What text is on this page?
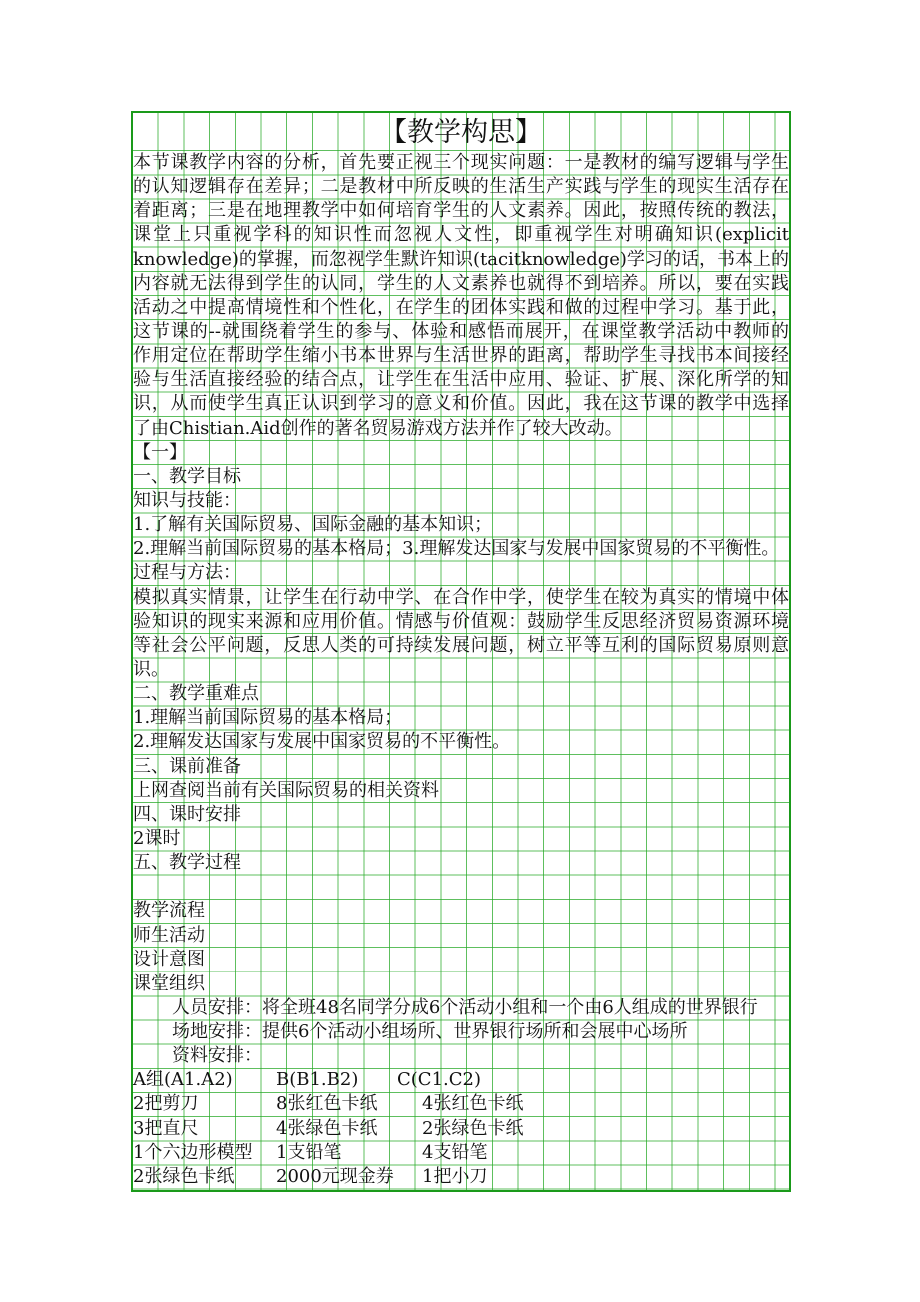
【教学构思】
本节课教学内容的分析，首先要正视三个现实问题：一是教材的编写逻辑与学生
的认知逻辑存在差异；二是教材中所反映的生活生产实践与学生的现实生活存在
着距离；三是在地理教学中如何培育学生的人文素养。因此，按照传统的教法，
课堂上只重视学科的知识性而忽视人文性，即重视学生对明确知识(explicit
knowledge)的掌握，而忽视学生默许知识(tacitknowledge)学习的话，书本上的
内容就无法得到学生的认同，学生的人文素养也就得不到培养。所以，要在实践
活动之中提高情境性和个性化，在学生的团体实践和做的过程中学习。基于此，
这节课的--就围绕着学生的参与、体验和感悟而展开，在课堂教学活动中教师的
作用定位在帮助学生缩小书本世界与生活世界的距离，帮助学生寻找书本间接经
验与生活直接经验的结合点，让学生在生活中应用、验证、扩展、深化所学的知
识，从而使学生真正认识到学习的意义和价值。因此，我在这节课的教学中选择
了由Chistian.Aid创作的著名贸易游戏方法并作了较大改动。
【一】
一、教学目标
知识与技能：
1.了解有关国际贸易、国际金融的基本知识；
2.理解当前国际贸易的基本格局；3.理解发达国家与发展中国家贸易的不平衡性。
过程与方法：
模拟真实情景，让学生在行动中学、在合作中学，使学生在较为真实的情境中体
验知识的现实来源和应用价值。情感与价值观：鼓励学生反思经济贸易资源环境
等社会公平问题，反思人类的可持续发展问题，树立平等互利的国际贸易原则意
识。
二、教学重难点
1.理解当前国际贸易的基本格局；
2.理解发达国家与发展中国家贸易的不平衡性。
三、课前准备
上网查阅当前有关国际贸易的相关资料
四、课时安排
2课时
五、教学过程
教学流程
师生活动
设计意图
课堂组织
人员安排：将全班48名同学分成6个活动小组和一个由6人组成的世界银行
场地安排：提供6个活动小组场所、世界银行场所和会展中心场所
资料安排：
A组(A1.A2) B(B1.B2) C(C1.C2)
2把剪刀	8张红色卡纸 4张红色卡纸
3把直尺	4张绿色卡纸 2张绿色卡纸
1个六边形模型 1支铅笔	4支铅笔
2张绿色卡纸 2000元现金券 1把小刀
